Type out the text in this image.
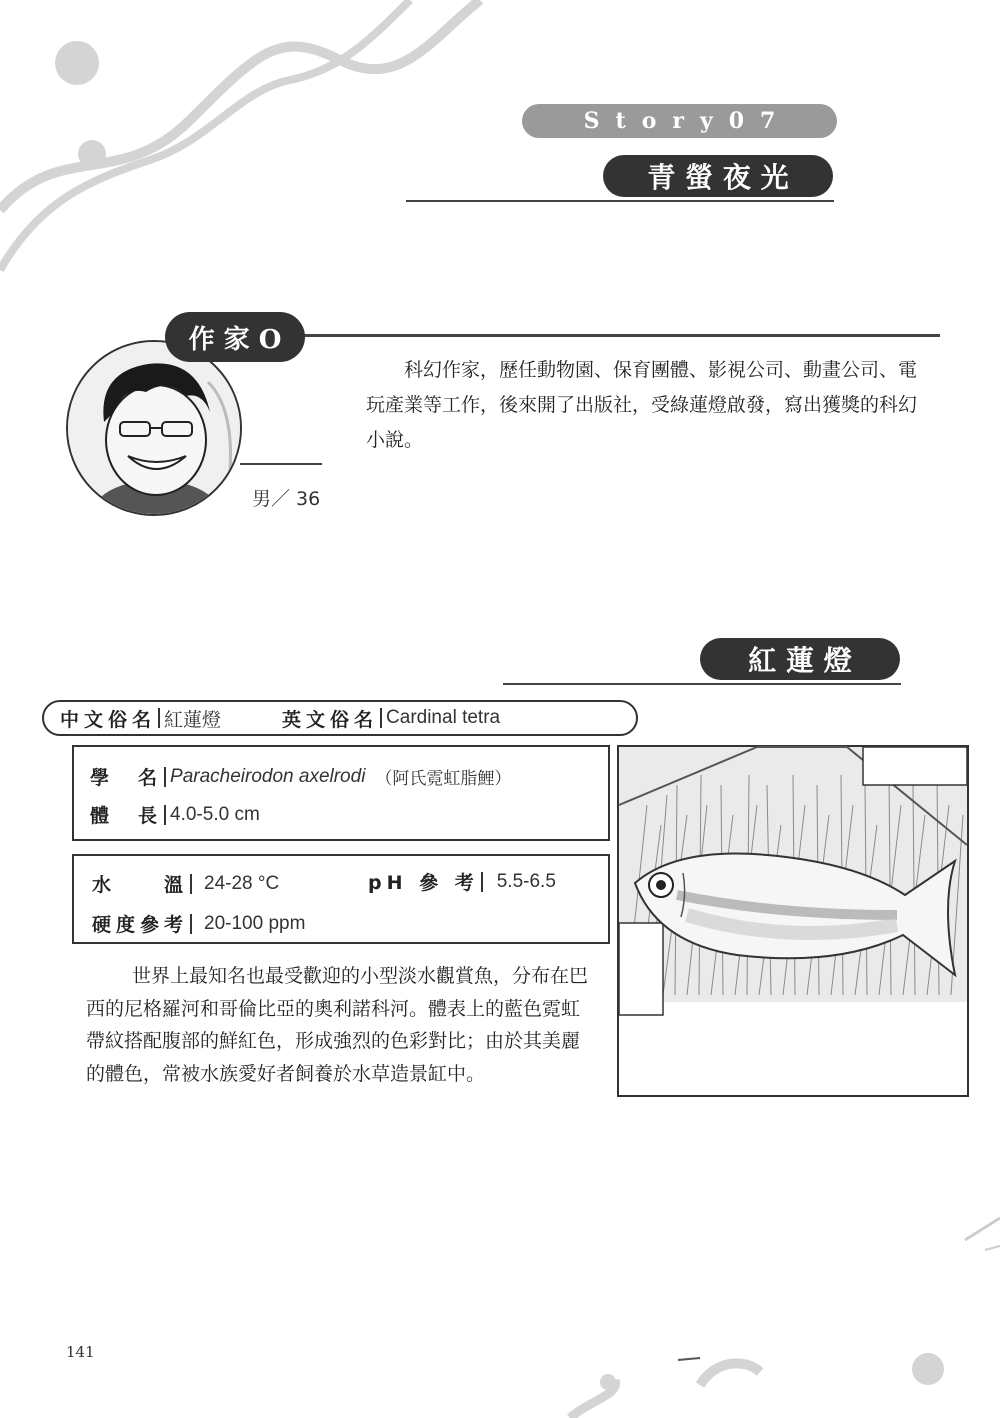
Story07
青 螢 夜 光
作 家 O
男／ 36
科幻作家，歷任動物園、保育團體、影視公司、動畫公司、電玩產業等工作，後來開了出版社，受綠蓮燈啟發，寫出獲獎的科幻小說。
紅 蓮 燈
中文俗名 紅蓮燈	英文俗名 Cardinal tetra
學　名 Paracheirodon axelrodi （阿氏霓虹脂鯉）
體　長 4.0-5.0 cm
水　　溫 24-28 °C	pH 參 考 5.5-6.5
硬度參考 20-100 ppm
世界上最知名也最受歡迎的小型淡水觀賞魚，分布在巴西的尼格羅河和哥倫比亞的奧利諾科河。體表上的藍色霓虹帶紋搭配腹部的鮮紅色，形成強烈的色彩對比；由於其美麗的體色，常被水族愛好者飼養於水草造景缸中。
141
